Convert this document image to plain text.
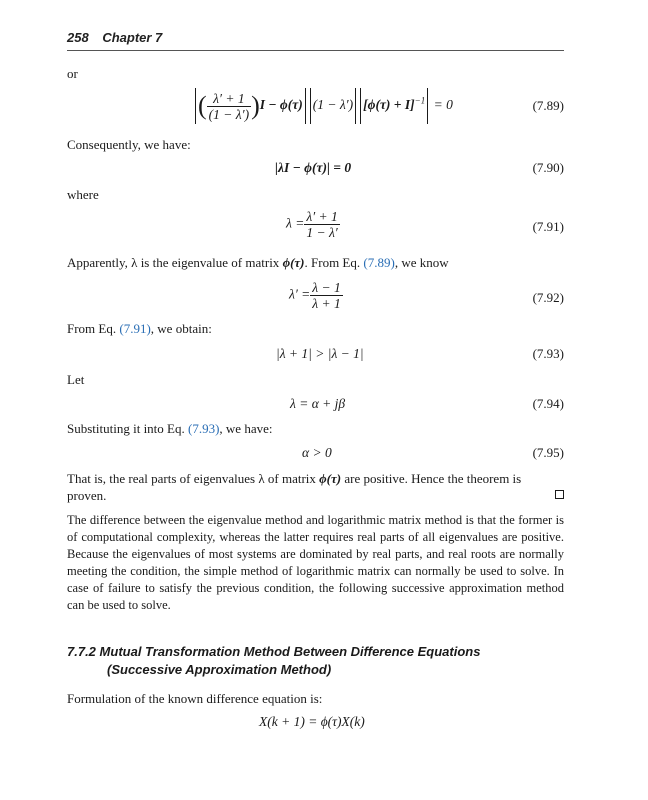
258 Chapter 7
or
( $\frac{\lambda' + 1}{(1 - \lambda')} )I - \phi(\tau)$ (1 − λ′) $[\phi(\tau) + I]^{-1} = 0$	(7.89)
Consequently, we have:
|λI − ϕ(τ)| = 0	(7.90)
where
$\lambda = \frac{\lambda' + 1}{1 - \lambda'}$	(7.91)
Apparently, λ is the eigenvalue of matrix ϕ(τ). From Eq. (7.89), we know
$\lambda' = \frac{\lambda - 1}{\lambda + 1}$	(7.92)
From Eq. (7.91), we obtain:
|λ + 1| > |λ − 1|	(7.93)
Let
λ = α + jβ	(7.94)
Substituting it into Eq. (7.93), we have:
α > 0	(7.95)
That is, the real parts of eigenvalues λ of matrix ϕ(τ) are positive. Hence the theorem is
proven.
The difference between the eigenvalue method and logarithmic matrix method is that the former is of computational complexity, whereas the latter requires real parts of all eigenvalues are positive. Because the eigenvalues of most systems are dominated by real parts, and real roots are normally meeting the condition, the simple method of logarithmic matrix can normally be used to solve. In case of failure to satisfy the previous condition, the following successive approximation method can be used to solve.
7.7.2 Mutual Transformation Method Between Difference Equations
(Successive Approximation Method)
Formulation of the known difference equation is:
X(k + 1) = ϕ(τ)X(k)
